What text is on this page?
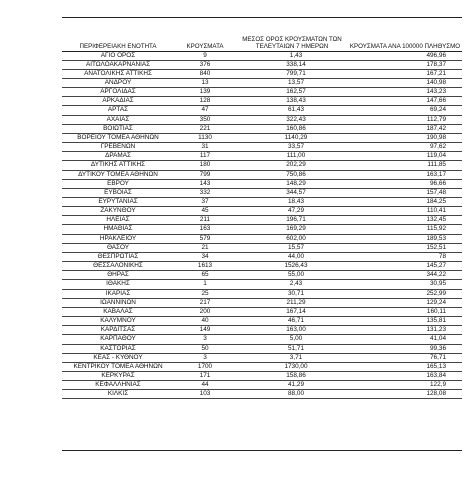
ΠΕΡΙΦΕΡΕΙΑΚΗ ΕΝΟΤΗΤΑ	ΚΡΟΥΣΜΑΤΑ	ΜΕΣΟΣ ΟΡΟΣ ΚΡΟΥΣΜΑΤΩΝ ΤΩΝ ΤΕΛΕΥΤΑΙΩΝ 7 ΗΜΕΡΩΝ	ΚΡΟΥΣΜΑΤΑ ΑΝΑ 100000 ΠΛΗΘΥΣΜΟ
ΑΓΙΟ ΟΡΟΣ	9	1,43	496,96
ΑΙΤΩΛΟΑΚΑΡΝΑΝΙΑΣ	376	338,14	178,37
ΑΝΑΤΟΛΙΚΗΣ ΑΤΤΙΚΗΣ	840	799,71	167,21
ΑΝΔΡΟΥ	13	13,57	140,98
ΑΡΓΟΛΙΔΑΣ	139	162,57	143,23
ΑΡΚΑΔΙΑΣ	128	138,43	147,66
ΑΡΤΑΣ	47	61,43	69,24
ΑΧΑΪΑΣ	350	322,43	112,79
ΒΟΙΩΤΙΑΣ	221	160,86	187,42
ΒΟΡΕΙΟΥ ΤΟΜΕΑ ΑΘΗΝΩΝ	1130	1140,29	190,98
ΓΡΕΒΕΝΩΝ	31	33,57	97,62
ΔΡΑΜΑΣ	117	111,00	119,04
ΔΥΤΙΚΗΣ ΑΤΤΙΚΗΣ	180	202,29	111,85
ΔΥΤΙΚΟΥ ΤΟΜΕΑ ΑΘΗΝΩΝ	799	750,86	163,17
ΕΒΡΟΥ	143	148,29	96,66
ΕΥΒΟΙΑΣ	332	344,57	157,48
ΕΥΡΥΤΑΝΙΑΣ	37	18,43	184,25
ΖΑΚΥΝΘΟΥ	45	47,29	110,41
ΗΛΕΙΑΣ	211	196,71	132,45
ΗΜΑΘΙΑΣ	163	169,29	115,92
ΗΡΑΚΛΕΙΟΥ	579	602,00	189,53
ΘΑΣΟΥ	21	15,57	152,51
ΘΕΣΠΡΩΤΙΑΣ	34	44,00	78
ΘΕΣΣΑΛΟΝΙΚΗΣ	1613	1526,43	145,27
ΘΗΡΑΣ	65	55,00	344,22
ΙΘΑΚΗΣ	1	2,43	30,95
ΙΚΑΡΙΑΣ	25	30,71	252,99
ΙΩΑΝΝΙΝΩΝ	217	211,29	129,24
ΚΑΒΑΛΑΣ	200	167,14	160,11
ΚΑΛΥΜΝΟΥ	40	46,71	135,81
ΚΑΡΔΙΤΣΑΣ	149	163,00	131,23
ΚΑΡΠΑΘΟΥ	3	5,00	41,04
ΚΑΣΤΟΡΙΑΣ	50	51,71	99,36
ΚΕΑΣ - ΚΥΘΝΟΥ	3	3,71	76,71
ΚΕΝΤΡΙΚΟΥ ΤΟΜΕΑ ΑΘΗΝΩΝ	1700	1730,00	165,13
ΚΕΡΚΥΡΑΣ	171	158,86	163,84
ΚΕΦΑΛΛΗΝΙΑΣ	44	41,29	122,9
ΚΙΛΚΙΣ	103	88,00	128,08
